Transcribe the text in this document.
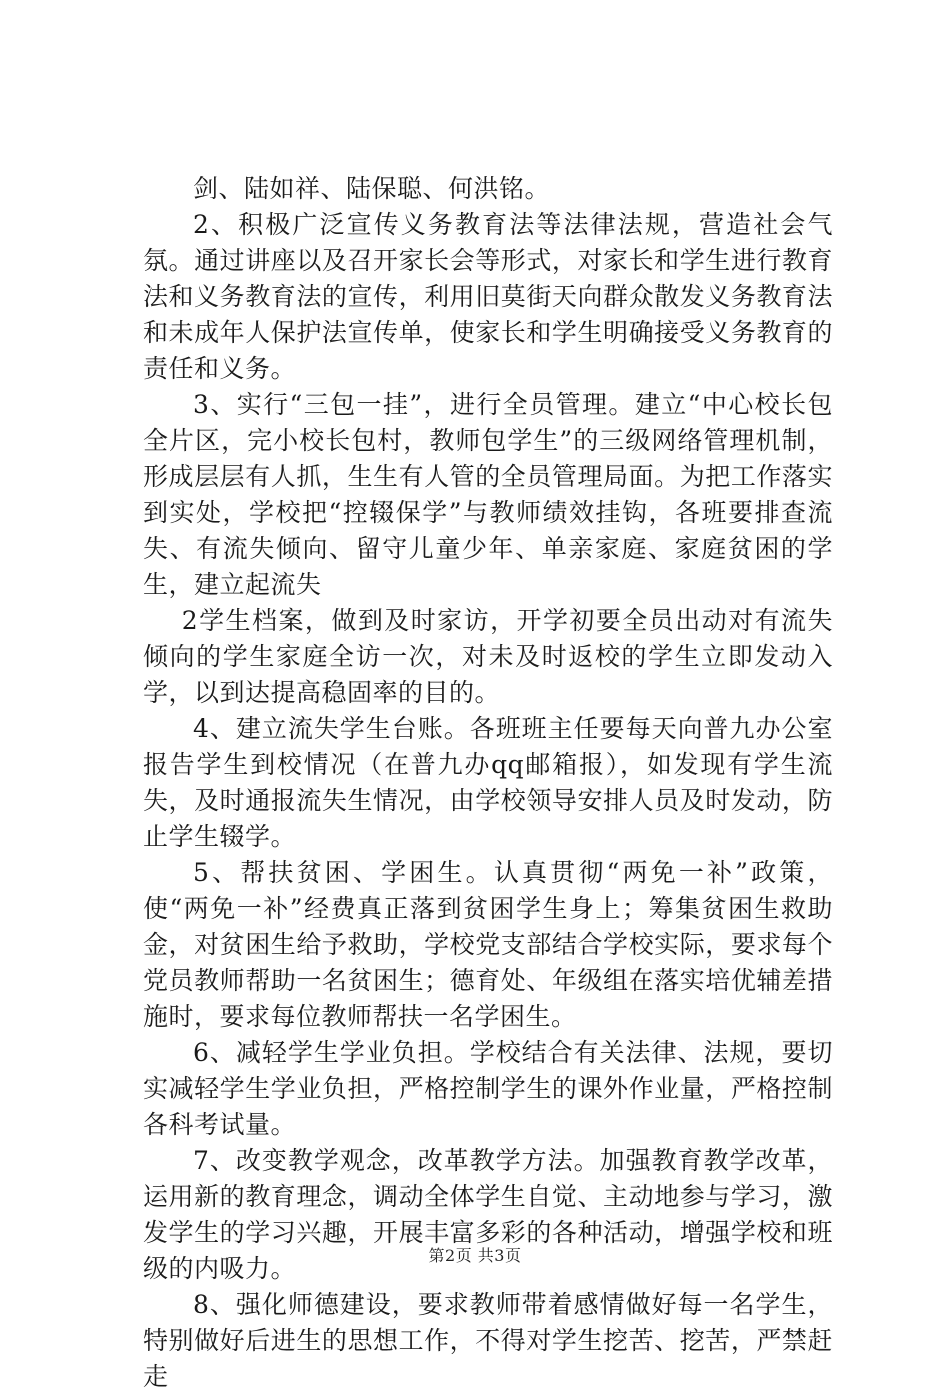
剑、陆如祥、陆保聪、何洪铭。

2、积极广泛宣传义务教育法等法律法规，营造社会气氛。通过讲座以及召开家长会等形式，对家长和学生进行教育法和义务教育法的宣传，利用旧莫街天向群众散发义务教育法和未成年人保护法宣传单，使家长和学生明确接受义务教育的责任和义务。

3、实行“三包一挂”，进行全员管理。建立“中心校长包全片区，完小校长包村，教师包学生”的三级网络管理机制，形成层层有人抓，生生有人管的全员管理局面。为把工作落实到实处，学校把“控辍保学”与教师绩效挂钩，各班要排查流失、有流失倾向、留守儿童少年、单亲家庭、家庭贫困的学生，建立起流失

2学生档案，做到及时家访，开学初要全员出动对有流失倾向的学生家庭全访一次，对未及时返校的学生立即发动入学，以到达提高稳固率的目的。

4、建立流失学生台账。各班班主任要每天向普九办公室报告学生到校情况（在普九办qq邮箱报），如发现有学生流失，及时通报流失生情况，由学校领导安排人员及时发动，防止学生辍学。

5、帮扶贫困、学困生。认真贯彻“两免一补”政策，使“两免一补”经费真正落到贫困学生身上；筹集贫困生救助金，对贫困生给予救助，学校党支部结合学校实际，要求每个党员教师帮助一名贫困生；德育处、年级组在落实培优辅差措施时，要求每位教师帮扶一名学困生。

6、减轻学生学业负担。学校结合有关法律、法规，要切实减轻学生学业负担，严格控制学生的课外作业量，严格控制各科考试量。

7、改变教学观念，改革教学方法。加强教育教学改革，运用新的教育理念，调动全体学生自觉、主动地参与学习，激发学生的学习兴趣，开展丰富多彩的各种活动，增强学校和班级的内吸力。

8、强化师德建设，要求教师带着感情做好每一名学生，特别做好后进生的思想工作，不得对学生挖苦、挖苦，严禁赶走

第2页 共3页
